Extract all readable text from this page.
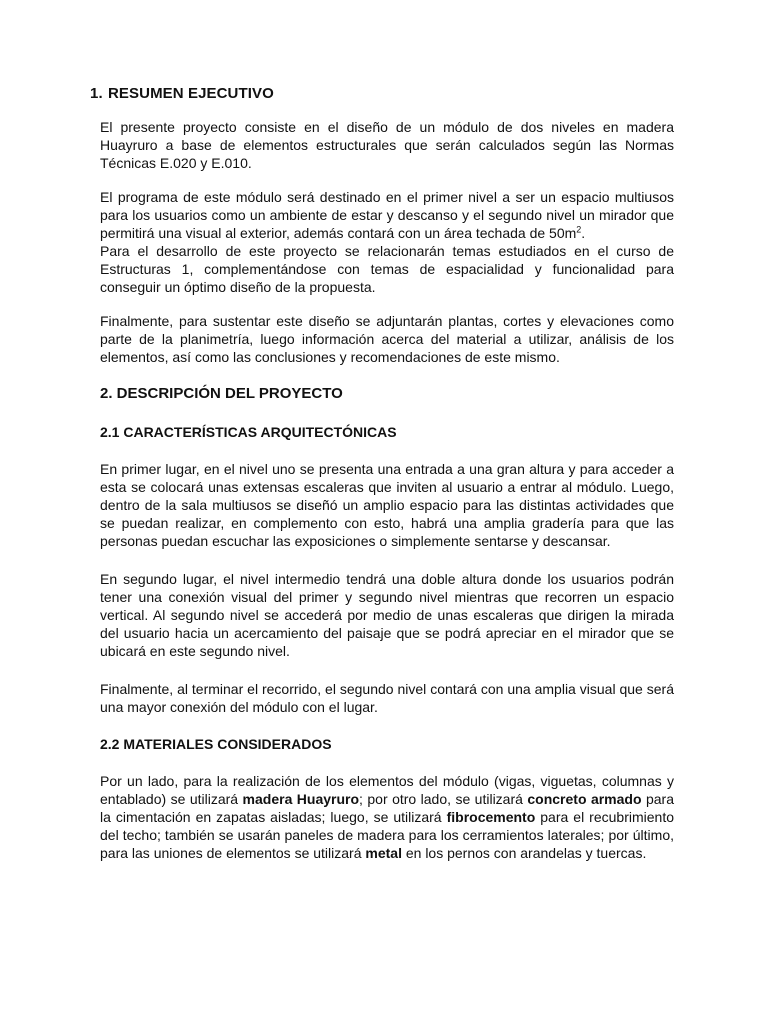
1. RESUMEN EJECUTIVO

El presente proyecto consiste en el diseño de un módulo de dos niveles en madera Huayruro a base de elementos estructurales que serán calculados según las Normas Técnicas E.020 y E.010.

El programa de este módulo será destinado en el primer nivel a ser un espacio multiusos para los usuarios como un ambiente de estar y descanso y el segundo nivel un mirador que permitirá una visual al exterior, además contará con un área techada de $50m^2$.

Para el desarrollo de este proyecto se relacionarán temas estudiados en el curso de Estructuras 1, complementándose con temas de espacialidad y funcionalidad para conseguir un óptimo diseño de la propuesta.

Finalmente, para sustentar este diseño se adjuntarán plantas, cortes y elevaciones como parte de la planimetría, luego información acerca del material a utilizar, análisis de los elementos, así como las conclusiones y recomendaciones de este mismo.

2. DESCRIPCIÓN DEL PROYECTO
2.1 CARACTERÍSTICAS ARQUITECTÓNICAS

En primer lugar, en el nivel uno se presenta una entrada a una gran altura y para acceder a esta se colocará unas extensas escaleras que inviten al usuario a entrar al módulo. Luego, dentro de la sala multiusos se diseñó un amplio espacio para las distintas actividades que se puedan realizar, en complemento con esto, habrá una amplia gradería para que las personas puedan escuchar las exposiciones o simplemente sentarse y descansar.

En segundo lugar, el nivel intermedio tendrá una doble altura donde los usuarios podrán tener una conexión visual del primer y segundo nivel mientras que recorren un espacio vertical. Al segundo nivel se accederá por medio de unas escaleras que dirigen la mirada del usuario hacia un acercamiento del paisaje que se podrá apreciar en el mirador que se ubicará en este segundo nivel.

Finalmente, al terminar el recorrido, el segundo nivel contará con una amplia visual que será una mayor conexión del módulo con el lugar.

2.2 MATERIALES CONSIDERADOS

Por un lado, para la realización de los elementos del módulo (vigas, viguetas, columnas y entablado) se utilizará madera Huayruro; por otro lado, se utilizará concreto armado para la cimentación en zapatas aisladas; luego, se utilizará fibrocemento para el recubrimiento del techo; también se usarán paneles de madera para los cerramientos laterales; por último, para las uniones de elementos se utilizará metal en los pernos con arandelas y tuercas.
